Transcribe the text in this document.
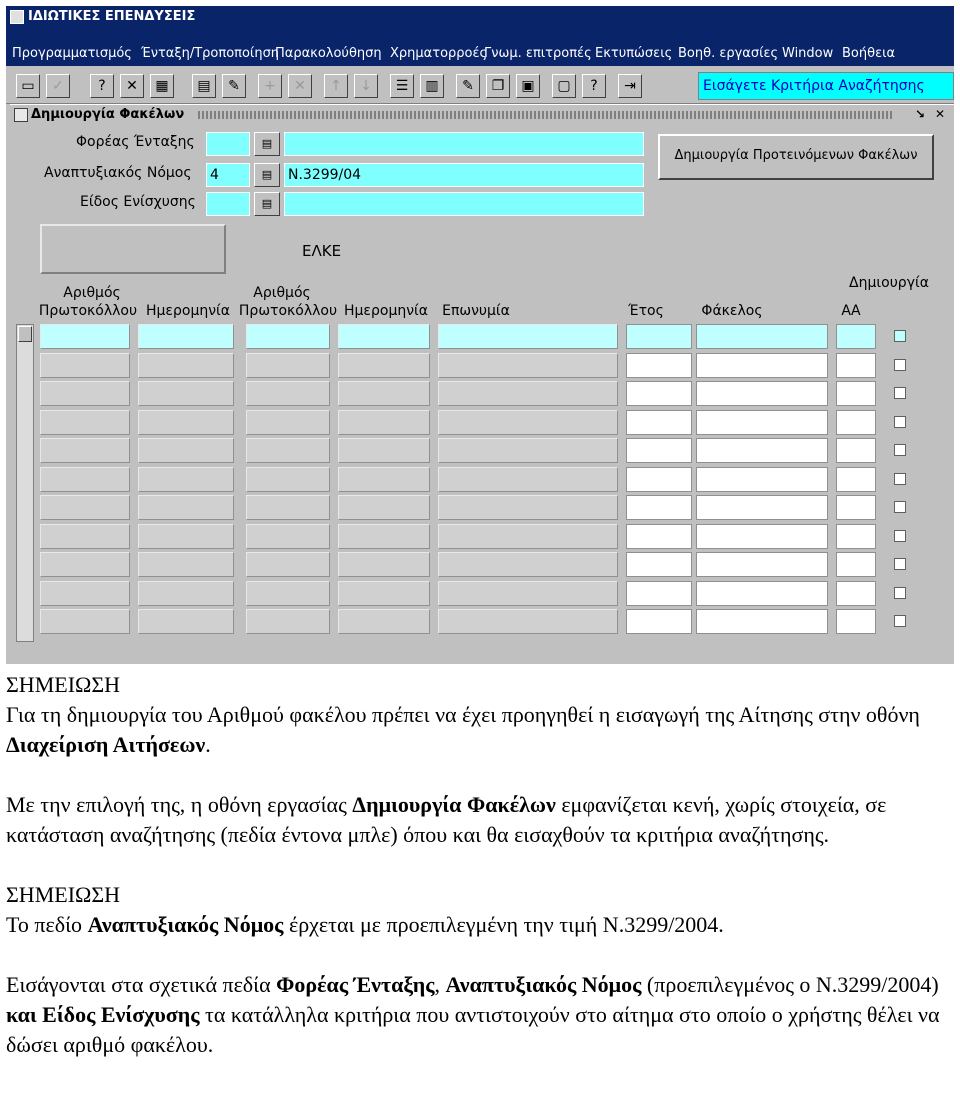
ΙΔΙΩΤΙΚΕΣ ΕΠΕΝΔΥΣΕΙΣ
Προγραμματισμός Ένταξη/Τροποποίηση
Παρακολούθηση Χρηματορροές
Γνωμ. επιτροπές Εκτυπώσεις Βοηθ. εργασίες Window Βοήθεια
▭	✓	?	✕	▦	▤	✎	+	✕	↑	↓	☰	▥	✎	❐	▣	▢	?	⇥	Εισάγετε Κριτήρια Αναζήτησης
Δημιουργία Φακέλων	↘ ✕
Φορέας Ένταξης	▤
Αναπτυξιακός Νόμος 4	▤	Ν.3299/04
Είδος Ενίσχυσης	▤
Δημιουργία Προτεινόμενων Φακέλων
ΕΛΚΕ
Αριθμός
Πρωτοκόλλου Ημερομηνία
Αριθμός
Πρωτοκόλλου Ημερομηνία Επωνυμία	Έτος	Φάκελος	ΑΑ
Δημιουργία

ΣΗΜΕΙΩΣΗ

Για τη δημιουργία του Αριθμού φακέλου πρέπει να έχει προηγηθεί η εισαγωγή της Αίτησης στην οθόνη Διαχείριση Αιτήσεων.

Με την επιλογή της, η οθόνη εργασίας Δημιουργία Φακέλων εμφανίζεται κενή, χωρίς στοιχεία, σε κατάσταση αναζήτησης (πεδία έντονα μπλε) όπου και θα εισαχθούν τα κριτήρια αναζήτησης.

ΣΗΜΕΙΩΣΗ

Το πεδίο Αναπτυξιακός Νόμος έρχεται με προεπιλεγμένη την τιμή Ν.3299/2004.

Εισάγονται στα σχετικά πεδία Φορέας Ένταξης, Αναπτυξιακός Νόμος (προεπιλεγμένος ο Ν.3299/2004) και Είδος Ενίσχυσης τα κατάλληλα κριτήρια που αντιστοιχούν στο αίτημα στο οποίο ο χρήστης θέλει να δώσει αριθμό φακέλου.
